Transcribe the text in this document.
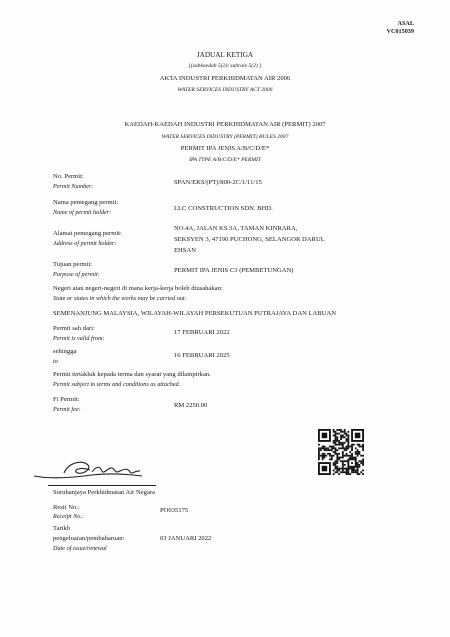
ASAL
VC015039
JADUAL KETIGA
[(subkaedah 5(2)/ subrule 5(2) ]
AKTA INDUSTRI PERKHIDMATAN AIR 2006
WATER SERVICES INDUSTRY ACT 2006
KAEDAH-KAEDAH INDUSTRI PERKHIDMATAN AIR (PERMIT) 2007
WATER SERVICES INDUSTRY (PERMIT) RULES 2007
PERMIT IPA JENIS A/B/C/D/E*
IPA TYPE A/B/C/D/E* PERMIT
No. Permit:
Permit Number:
SPAN/EKS/(PT)/800-2C/1/11/15
Nama pemegang permit:
Name of permit holder:
LLC CONSTRUCTION SDN. BHD.
Alamat pemegang permit:
Address of permit holder:
NO.4A, JALAN KS 3A, TAMAN KINRARA,
SEKSYEN 3, 47190 PUCHONG, SELANGOR DARUL
EHSAN
Tujuan permit:
Purpose of permit:
PERMIT IPA JENIS C3 (PEMBETUNGAN)
Negeri atau negeri-negeri di mana kerja-kerja boleh diusahakan:
State or states in which the works may be carried out:
SEMENANJUNG MALAYSIA, WILAYAH-WILAYAH PERSEKUTUAN PUTRAJAYA DAN LABUAN
Permit sah dari:
Permit is valid from:
17 FEBRUARI 2022
sehingga
to
16 FEBRUARI 2025
Permit tertakluk kepada terma dan syarat yang dilampirkan.
Permit subject to terms and conditions as attached.
Fi Permit:
Permit fee:
RM 2250.00
Suruhanjaya Perkhidmatan Air Negara
Resit No.:
Receipt No.:
PO035175
Tarikh
pengeluaran/pembaharuan:
Date of issue/renewal
03 JANUARI 2022
